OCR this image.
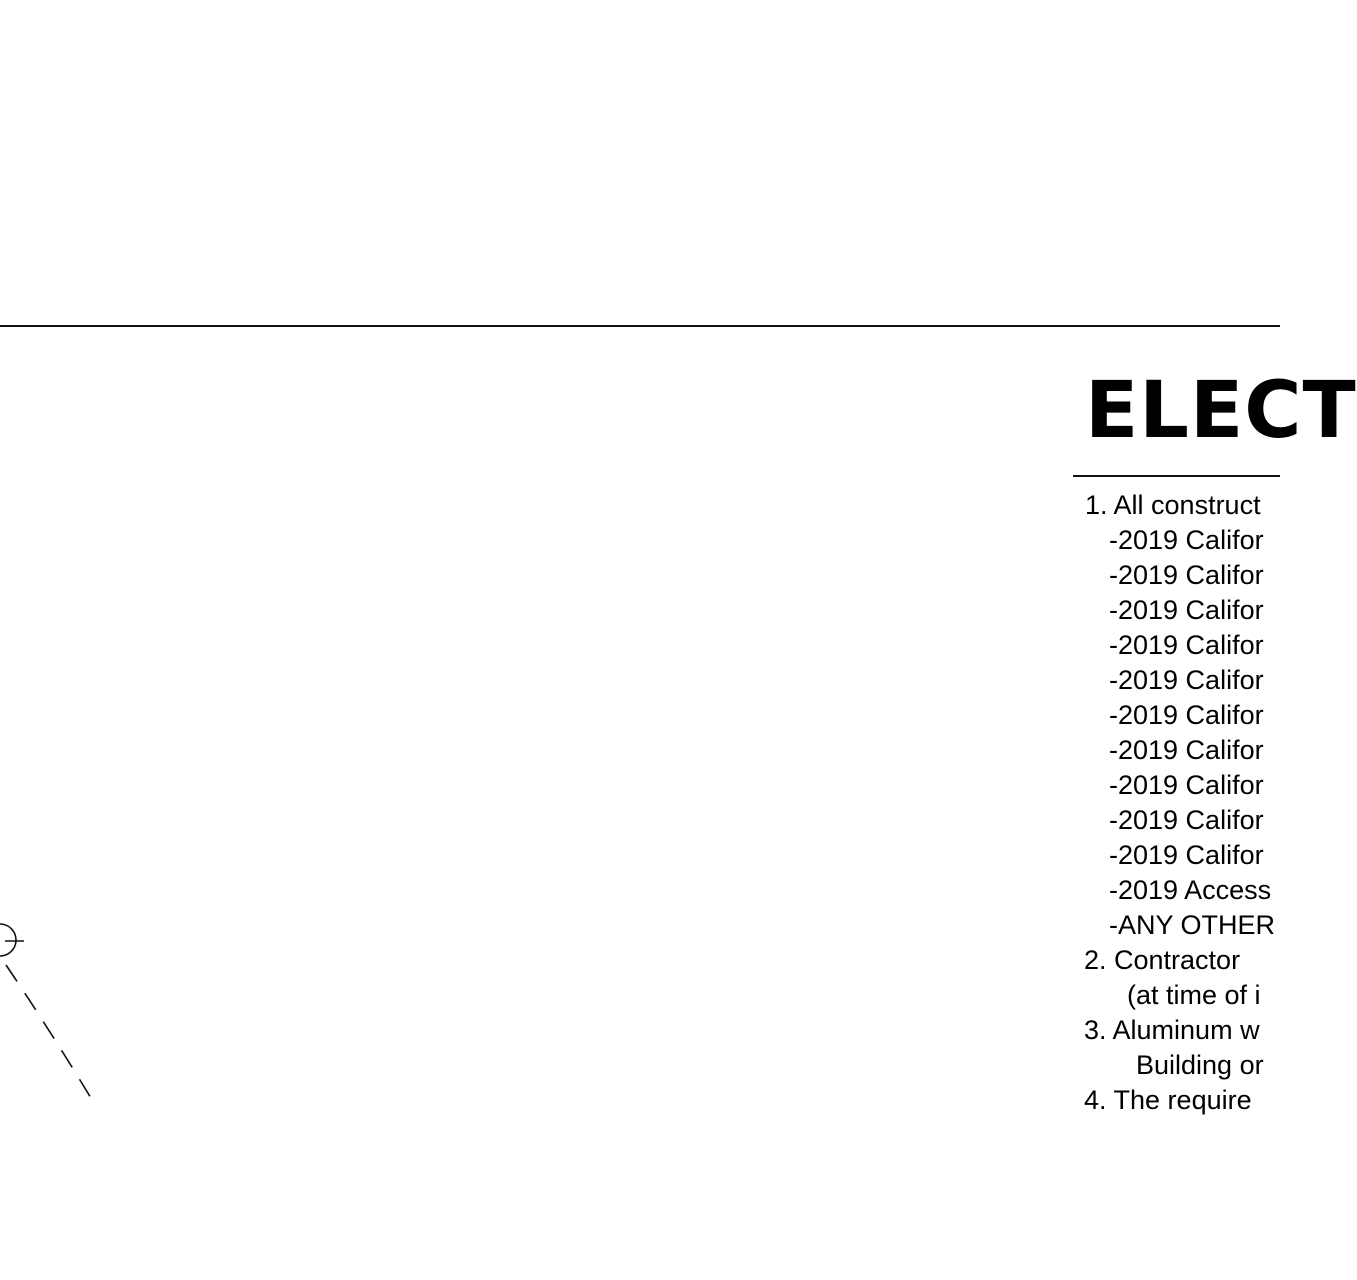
ELECT
1. All construct
-2019 Califor
-2019 Califor
-2019 Califor
-2019 Califor
-2019 Califor
-2019 Califor
-2019 Califor
-2019 Califor
-2019 Califor
-2019 Califor
-2019 Access
-ANY OTHER
2. Contractor
(at time of i
3. Aluminum w
Building or
4. The require
